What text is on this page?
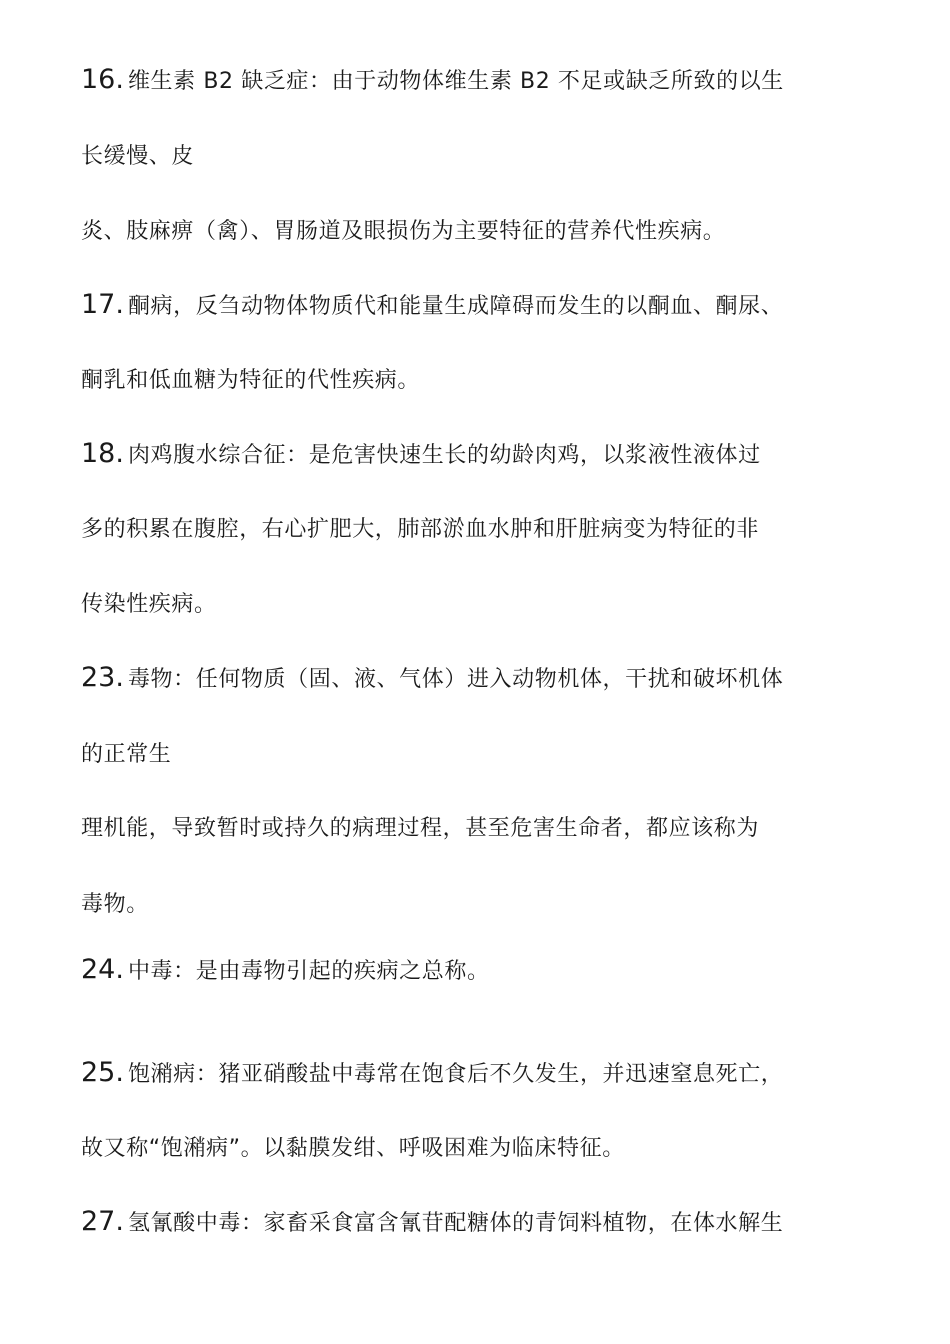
16. 维生素 B2 缺乏症：由于动物体维生素 B2 不足或缺乏所致的以生
长缓慢、皮
炎、肢麻痹（禽）、胃肠道及眼损伤为主要特征的营养代性疾病。
17. 酮病，反刍动物体物质代和能量生成障碍而发生的以酮血、酮尿、
酮乳和低血糖为特征的代性疾病。
18. 肉鸡腹水综合征：是危害快速生长的幼龄肉鸡，以浆液性液体过
多的积累在腹腔，右心扩肥大，肺部淤血水肿和肝脏病变为特征的非
传染性疾病。
23. 毒物：任何物质（固、液、气体）进入动物机体，干扰和破坏机体
的正常生
理机能，导致暂时或持久的病理过程，甚至危害生命者，都应该称为
毒物。
24. 中毒：是由毒物引起的疾病之总称。
25. 饱潲病：猪亚硝酸盐中毒常在饱食后不久发生，并迅速窒息死亡，
故又称“饱潲病”。以黏膜发绀、呼吸困难为临床特征。
27. 氢氰酸中毒：家畜采食富含氰苷配糖体的青饲料植物，在体水解生
